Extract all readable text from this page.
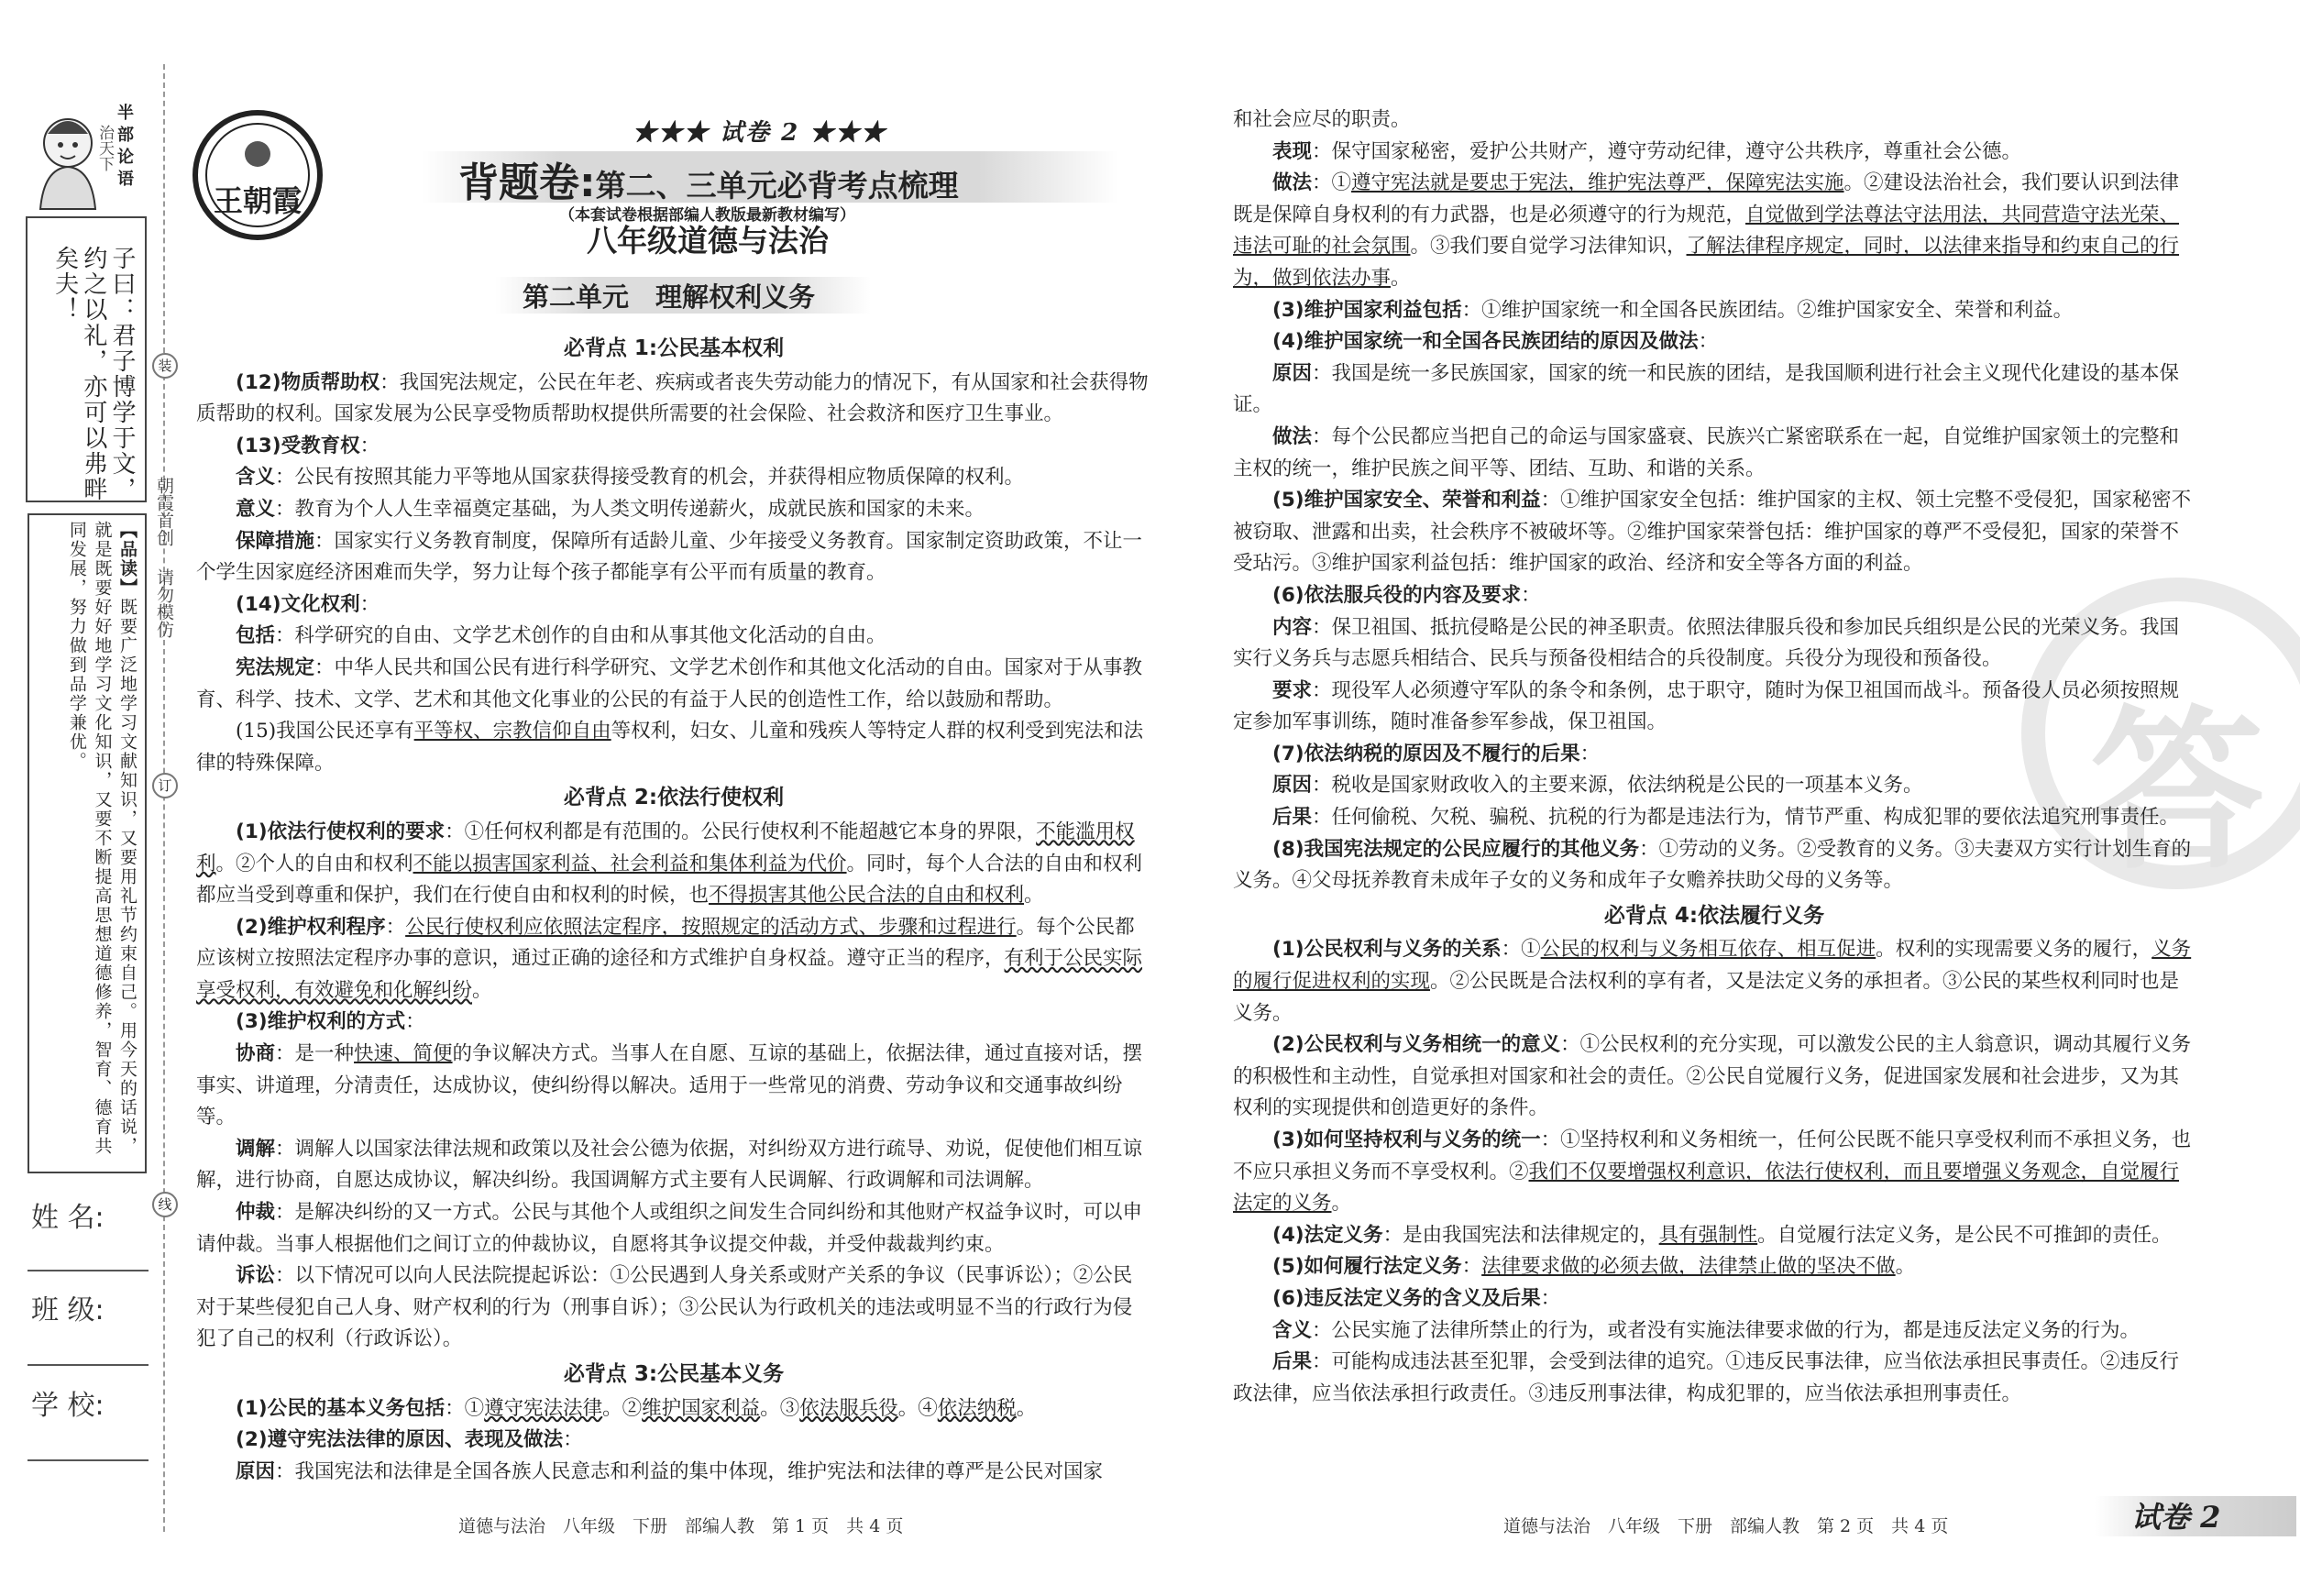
半
部
论
语
治天下
子曰：君子博学于文，约之以礼，亦可以弗畔矣夫！
【品读】既要广泛地学习文献知识，又要用礼节约束自己。用今天的话说，就是既要好好地学习文化知识，又要不断提高思想道德修养，智育、德育共同发展，努力做到品学兼优。
朝霞首创
请勿模仿
装
订
线
姓 名:
班 级:
学 校:
王朝霞
★★★ 试卷 2 ★★★
背题卷:第二、三单元必背考点梳理
（本套试卷根据部编人教版最新教材编写）
八年级道德与法治
第二单元　理解权利义务

必背点 1:公民基本权利

(12)物质帮助权：我国宪法规定，公民在年老、疾病或者丧失劳动能力的情况下，有从国家和社会获得物质帮助的权利。国家发展为公民享受物质帮助权提供所需要的社会保险、社会救济和医疗卫生事业。

(13)受教育权：

含义：公民有按照其能力平等地从国家获得接受教育的机会，并获得相应物质保障的权利。

意义：教育为个人人生幸福奠定基础，为人类文明传递薪火，成就民族和国家的未来。

保障措施：国家实行义务教育制度，保障所有适龄儿童、少年接受义务教育。国家制定资助政策，不让一个学生因家庭经济困难而失学，努力让每个孩子都能享有公平而有质量的教育。

(14)文化权利：

包括：科学研究的自由、文学艺术创作的自由和从事其他文化活动的自由。

宪法规定：中华人民共和国公民有进行科学研究、文学艺术创作和其他文化活动的自由。国家对于从事教育、科学、技术、文学、艺术和其他文化事业的公民的有益于人民的创造性工作，给以鼓励和帮助。

(15)我国公民还享有平等权、宗教信仰自由等权利，妇女、儿童和残疾人等特定人群的权利受到宪法和法律的特殊保障。

必背点 2:依法行使权利

(1)依法行使权利的要求：①任何权利都是有范围的。公民行使权利不能超越它本身的界限，不能滥用权利。②个人的自由和权利不能以损害国家利益、社会利益和集体利益为代价。同时，每个人合法的自由和权利都应当受到尊重和保护，我们在行使自由和权利的时候，也不得损害其他公民合法的自由和权利。

(2)维护权利程序：公民行使权利应依照法定程序，按照规定的活动方式、步骤和过程进行。每个公民都应该树立按照法定程序办事的意识，通过正确的途径和方式维护自身权益。遵守正当的程序，有利于公民实际享受权利，有效避免和化解纠纷。

(3)维护权利的方式：

协商：是一种快速、简便的争议解决方式。当事人在自愿、互谅的基础上，依据法律，通过直接对话，摆事实、讲道理，分清责任，达成协议，使纠纷得以解决。适用于一些常见的消费、劳动争议和交通事故纠纷等。

调解：调解人以国家法律法规和政策以及社会公德为依据，对纠纷双方进行疏导、劝说，促使他们相互谅解，进行协商，自愿达成协议，解决纠纷。我国调解方式主要有人民调解、行政调解和司法调解。

仲裁：是解决纠纷的又一方式。公民与其他个人或组织之间发生合同纠纷和其他财产权益争议时，可以申请仲裁。当事人根据他们之间订立的仲裁协议，自愿将其争议提交仲裁，并受仲裁裁判约束。

诉讼：以下情况可以向人民法院提起诉讼：①公民遇到人身关系或财产关系的争议（民事诉讼）；②公民对于某些侵犯自己人身、财产权利的行为（刑事自诉）；③公民认为行政机关的违法或明显不当的行政行为侵犯了自己的权利（行政诉讼）。

必背点 3:公民基本义务

(1)公民的基本义务包括：①遵守宪法法律。②维护国家利益。③依法服兵役。④依法纳税。

(2)遵守宪法法律的原因、表现及做法：

原因：我国宪法和法律是全国各族人民意志和利益的集中体现，维护宪法和法律的尊严是公民对国家

答

和社会应尽的职责。

表现：保守国家秘密，爱护公共财产，遵守劳动纪律，遵守公共秩序，尊重社会公德。

做法：①遵守宪法就是要忠于宪法，维护宪法尊严，保障宪法实施。②建设法治社会，我们要认识到法律既是保障自身权利的有力武器，也是必须遵守的行为规范，自觉做到学法尊法守法用法，共同营造守法光荣、违法可耻的社会氛围。③我们要自觉学习法律知识，了解法律程序规定，同时，以法律来指导和约束自己的行为，做到依法办事。

(3)维护国家利益包括：①维护国家统一和全国各民族团结。②维护国家安全、荣誉和利益。

(4)维护国家统一和全国各民族团结的原因及做法：

原因：我国是统一多民族国家，国家的统一和民族的团结，是我国顺利进行社会主义现代化建设的基本保证。

做法：每个公民都应当把自己的命运与国家盛衰、民族兴亡紧密联系在一起，自觉维护国家领土的完整和主权的统一，维护民族之间平等、团结、互助、和谐的关系。

(5)维护国家安全、荣誉和利益：①维护国家安全包括：维护国家的主权、领土完整不受侵犯，国家秘密不被窃取、泄露和出卖，社会秩序不被破坏等。②维护国家荣誉包括：维护国家的尊严不受侵犯，国家的荣誉不受玷污。③维护国家利益包括：维护国家的政治、经济和安全等各方面的利益。

(6)依法服兵役的内容及要求：

内容：保卫祖国、抵抗侵略是公民的神圣职责。依照法律服兵役和参加民兵组织是公民的光荣义务。我国实行义务兵与志愿兵相结合、民兵与预备役相结合的兵役制度。兵役分为现役和预备役。

要求：现役军人必须遵守军队的条令和条例，忠于职守，随时为保卫祖国而战斗。预备役人员必须按照规定参加军事训练，随时准备参军参战，保卫祖国。

(7)依法纳税的原因及不履行的后果：

原因：税收是国家财政收入的主要来源，依法纳税是公民的一项基本义务。

后果：任何偷税、欠税、骗税、抗税的行为都是违法行为，情节严重、构成犯罪的要依法追究刑事责任。

(8)我国宪法规定的公民应履行的其他义务：①劳动的义务。②受教育的义务。③夫妻双方实行计划生育的义务。④父母抚养教育未成年子女的义务和成年子女赡养扶助父母的义务等。

必背点 4:依法履行义务

(1)公民权利与义务的关系：①公民的权利与义务相互依存、相互促进。权利的实现需要义务的履行，义务的履行促进权利的实现。②公民既是合法权利的享有者，又是法定义务的承担者。③公民的某些权利同时也是义务。

(2)公民权利与义务相统一的意义：①公民权利的充分实现，可以激发公民的主人翁意识，调动其履行义务的积极性和主动性，自觉承担对国家和社会的责任。②公民自觉履行义务，促进国家发展和社会进步，又为其权利的实现提供和创造更好的条件。

(3)如何坚持权利与义务的统一：①坚持权利和义务相统一，任何公民既不能只享受权利而不承担义务，也不应只承担义务而不享受权利。②我们不仅要增强权利意识，依法行使权利，而且要增强义务观念，自觉履行法定的义务。

(4)法定义务：是由我国宪法和法律规定的，具有强制性。自觉履行法定义务，是公民不可推卸的责任。

(5)如何履行法定义务：法律要求做的必须去做，法律禁止做的坚决不做。

(6)违反法定义务的含义及后果：

含义：公民实施了法律所禁止的行为，或者没有实施法律要求做的行为，都是违反法定义务的行为。

后果：可能构成违法甚至犯罪，会受到法律的追究。①违反民事法律，应当依法承担民事责任。②违反行政法律，应当依法承担行政责任。③违反刑事法律，构成犯罪的，应当依法承担刑事责任。

道德与法治　八年级　下册　部编人教　第 1 页　共 4 页	道德与法治　八年级　下册　部编人教　第 2 页　共 4 页	试卷 2
